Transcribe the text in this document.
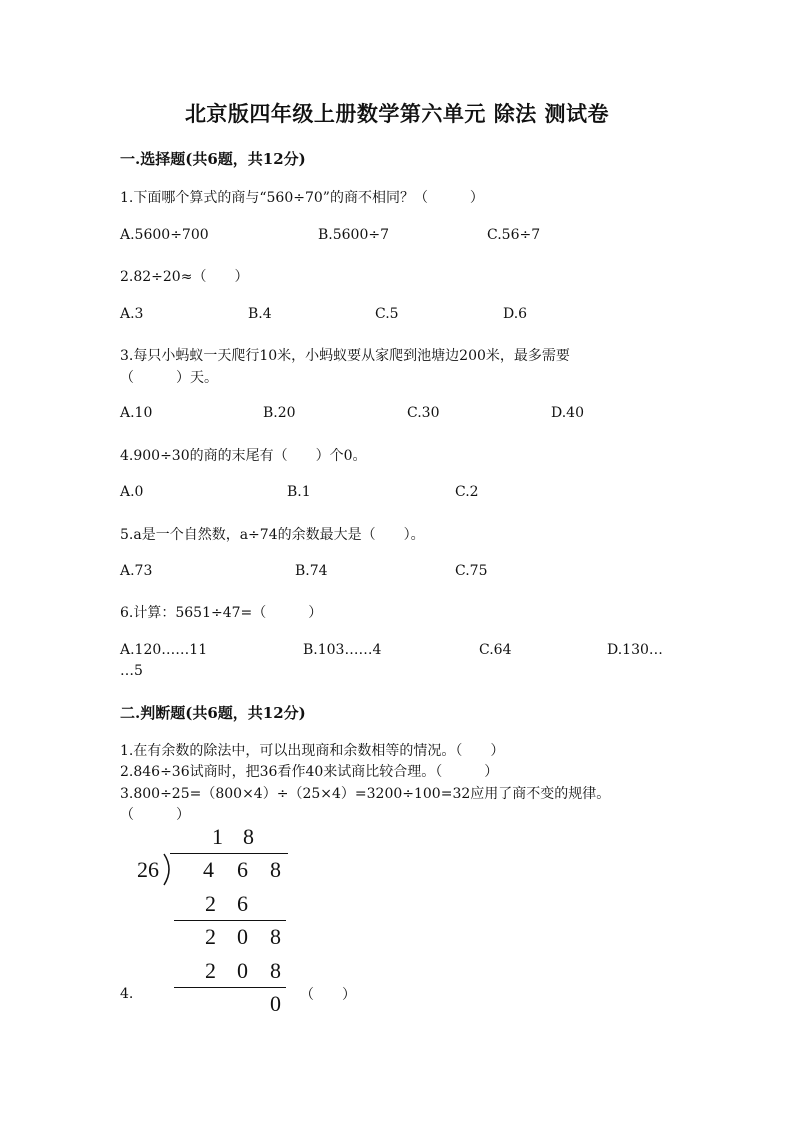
北京版四年级上册数学第六单元 除法 测试卷
一.选择题(共6题，共12分)
1.下面哪个算式的商与“560÷70”的商不相同？（　　　）
A.5600÷700	B.5600÷7	C.56÷7
2.82÷20≈（　　）
A.3	B.4	C.5	D.6
3.每只小蚂蚁一天爬行10米，小蚂蚁要从家爬到池塘边200米，最多需要
（　　　）天。
A.10	B.20	C.30	D.40
4.900÷30的商的末尾有（　　）个0。
A.0	B.1	C.2
5.a是一个自然数，a÷74的余数最大是（　　）。
A.73	B.74	C.75
6.计算：5651÷47=（　　　）
A.120……11	B.103……4	C.64	D.130…
…5
二.判断题(共6题，共12分)
1.在有余数的除法中，可以出现商和余数相等的情况。（　　）
2.846÷36试商时，把36看作40来试商比较合理。（　　　）
3.800÷25=（800×4）÷（25×4）=3200÷100=32应用了商不变的规律。
（　　　）
1 8
26 4 6 8
2 6
2 0 8
2 0 8
0
4.	（　　）
